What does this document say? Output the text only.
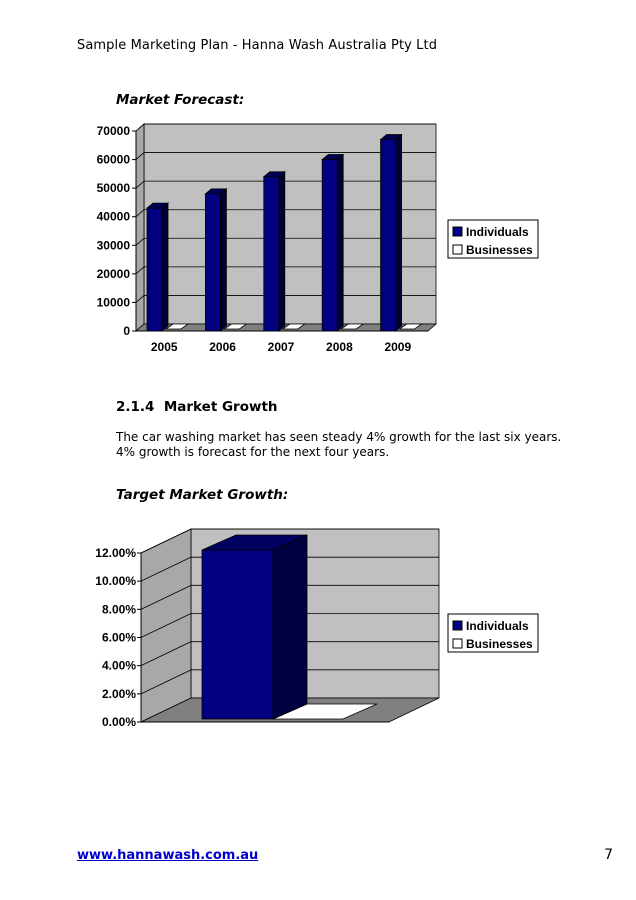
Sample Marketing Plan - Hanna Wash Australia Pty Ltd
Market Forecast:
2.1.4 Market Growth
The car washing market has seen steady 4% growth for the last six years.
4% growth is forecast for the next four years.
Target Market Growth:
0
10000
20000
30000
40000
50000
60000
70000
2005	2006	2007	2008	2009
Individuals
Businesses
0.00%
2.00%
4.00%
6.00%
8.00%
10.00%
12.00%
Individuals
Businesses
www.hannawash.com.au	7
